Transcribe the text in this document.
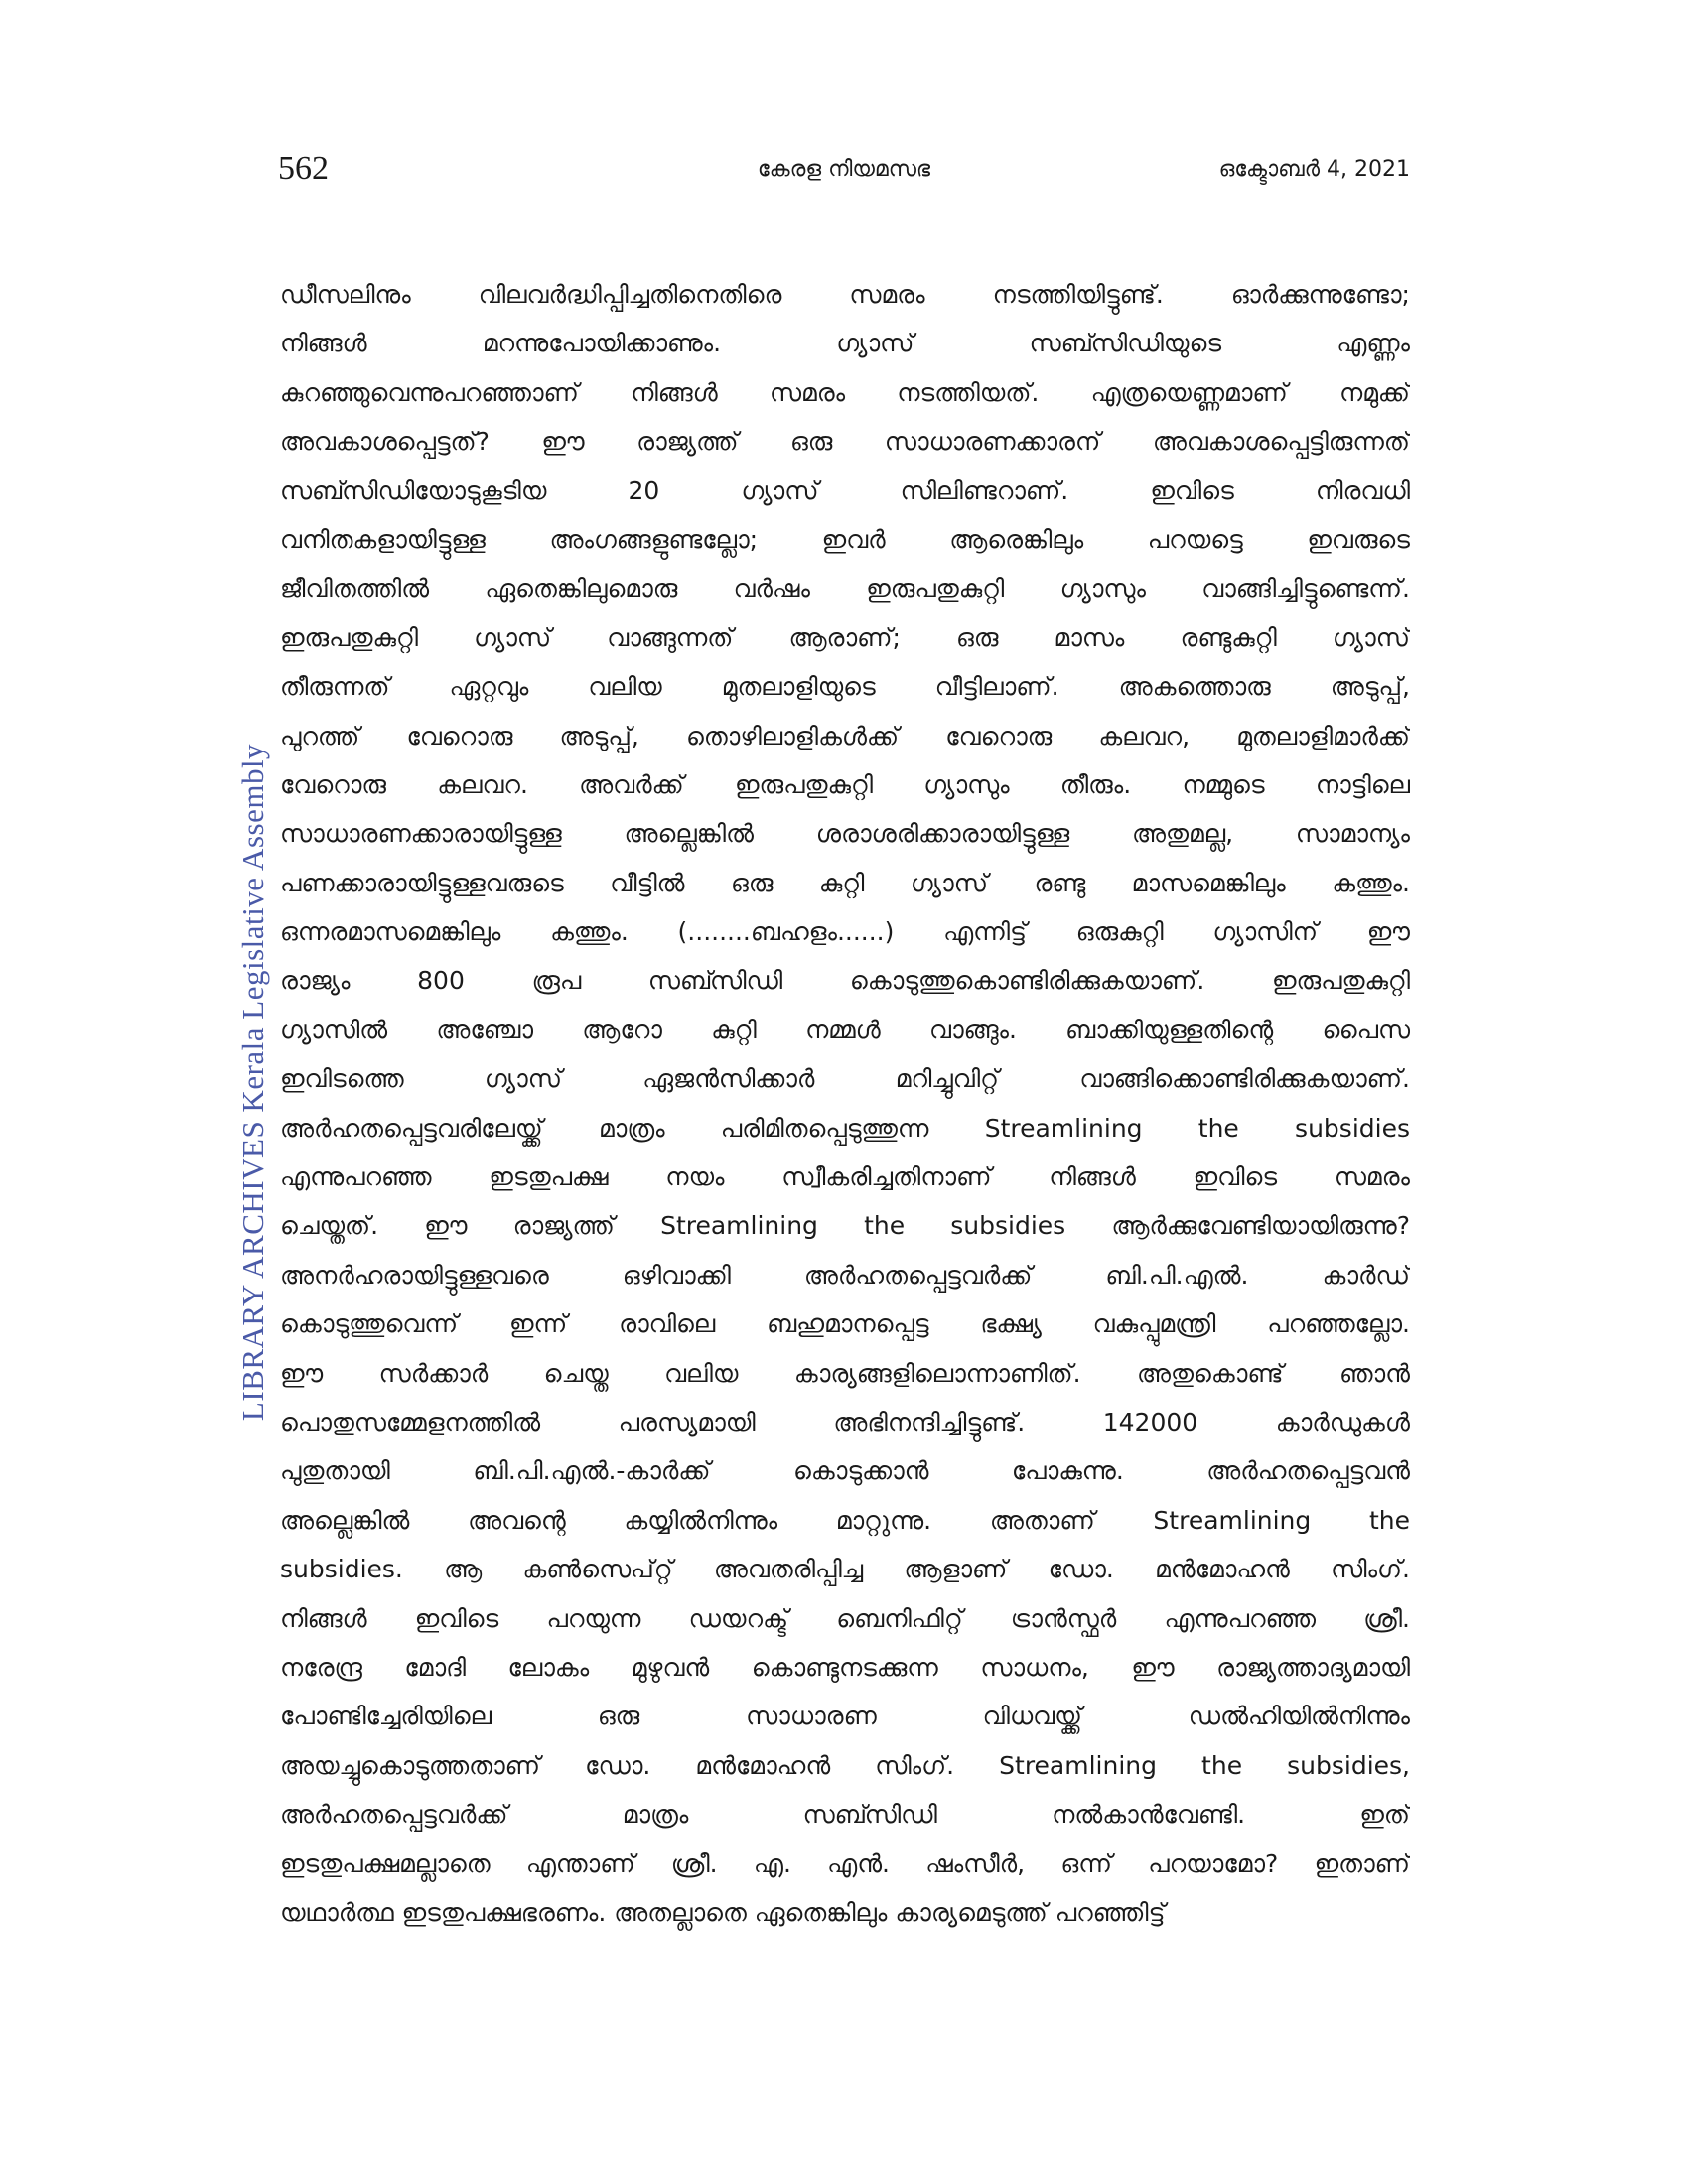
562	കേരള നിയമസഭ	ഒക്ടോബർ 4, 2021
LIBRARY ARCHIVES Kerala Legislative Assembly
ഡീസലിനും വിലവർദ്ധിപ്പിച്ചതിനെതിരെ സമരം നടത്തിയിട്ടുണ്ട്. ഓർക്കുന്നുണ്ടോ;
നിങ്ങൾ മറന്നുപോയിക്കാണും. ഗ്യാസ് സബ്സിഡിയുടെ എണ്ണം
കുറഞ്ഞുവെന്നുപറഞ്ഞാണ് നിങ്ങൾ സമരം നടത്തിയത്. എത്രയെണ്ണമാണ് നമുക്ക്
അവകാശപ്പെട്ടത്? ഈ രാജ്യത്ത് ഒരു സാധാരണക്കാരന് അവകാശപ്പെട്ടിരുന്നത്
സബ്സിഡിയോടുകൂടിയ 20 ഗ്യാസ് സിലിണ്ടറാണ്. ഇവിടെ നിരവധി
വനിതകളായിട്ടുള്ള അംഗങ്ങളുണ്ടല്ലോ; ഇവർ ആരെങ്കിലും പറയട്ടെ ഇവരുടെ
ജീവിതത്തിൽ ഏതെങ്കിലുമൊരു വർഷം ഇരുപതുകുറ്റി ഗ്യാസും വാങ്ങിച്ചിട്ടുണ്ടെന്ന്.
ഇരുപതുകുറ്റി ഗ്യാസ് വാങ്ങുന്നത് ആരാണ്; ഒരു മാസം രണ്ടുകുറ്റി ഗ്യാസ്
തീരുന്നത് ഏറ്റവും വലിയ മുതലാളിയുടെ വീട്ടിലാണ്. അകത്തൊരു അടുപ്പ്,
പുറത്ത് വേറൊരു അടുപ്പ്, തൊഴിലാളികൾക്ക് വേറൊരു കലവറ, മുതലാളിമാർക്ക്
വേറൊരു കലവറ. അവർക്ക് ഇരുപതുകുറ്റി ഗ്യാസും തീരും. നമ്മുടെ നാട്ടിലെ
സാധാരണക്കാരായിട്ടുള്ള അല്ലെങ്കിൽ ശരാശരിക്കാരായിട്ടുള്ള അതുമല്ല, സാമാന്യം
പണക്കാരായിട്ടുള്ളവരുടെ വീട്ടിൽ ഒരു കുറ്റി ഗ്യാസ് രണ്ടു മാസമെങ്കിലും കത്തും.
ഒന്നരമാസമെങ്കിലും കത്തും. (........ബഹളം......) എന്നിട്ട് ഒരുകുറ്റി ഗ്യാസിന് ഈ
രാജ്യം 800 രൂപ സബ്സിഡി കൊടുത്തുകൊണ്ടിരിക്കുകയാണ്. ഇരുപതുകുറ്റി
ഗ്യാസിൽ അഞ്ചോ ആറോ കുറ്റി നമ്മൾ വാങ്ങും. ബാക്കിയുള്ളതിന്റെ പൈസ
ഇവിടത്തെ ഗ്യാസ് ഏജൻസിക്കാർ മറിച്ചുവിറ്റ് വാങ്ങിക്കൊണ്ടിരിക്കുകയാണ്.
അർഹതപ്പെട്ടവരിലേയ്ക്ക് മാത്രം പരിമിതപ്പെടുത്തുന്ന Streamlining the subsidies
എന്നുപറഞ്ഞ ഇടതുപക്ഷ നയം സ്വീകരിച്ചതിനാണ് നിങ്ങൾ ഇവിടെ സമരം
ചെയ്തത്. ഈ രാജ്യത്ത് Streamlining the subsidies ആർക്കുവേണ്ടിയായിരുന്നു?
അനർഹരായിട്ടുള്ളവരെ ഒഴിവാക്കി അർഹതപ്പെട്ടവർക്ക് ബി.പി.എൽ. കാർഡ്
കൊടുത്തുവെന്ന് ഇന്ന് രാവിലെ ബഹുമാനപ്പെട്ട ഭക്ഷ്യ വകുപ്പുമന്ത്രി പറഞ്ഞല്ലോ.
ഈ സർക്കാർ ചെയ്ത വലിയ കാര്യങ്ങളിലൊന്നാണിത്. അതുകൊണ്ട് ഞാൻ
പൊതുസമ്മേളനത്തിൽ പരസ്യമായി അഭിനന്ദിച്ചിട്ടുണ്ട്. 142000 കാർഡുകൾ
പുതുതായി ബി.പി.എൽ.-കാർക്ക് കൊടുക്കാൻ പോകുന്നു. അർഹതപ്പെട്ടവൻ
അല്ലെങ്കിൽ അവന്റെ കയ്യിൽനിന്നും മാറ്റുന്നു. അതാണ് Streamlining the
subsidies. ആ കൺസെപ്റ്റ് അവതരിപ്പിച്ച ആളാണ് ഡോ. മൻമോഹൻ സിംഗ്.
നിങ്ങൾ ഇവിടെ പറയുന്ന ഡയറക്ട് ബെനിഫിറ്റ് ട്രാൻസ്ഫർ എന്നുപറഞ്ഞ ശ്രീ.
നരേന്ദ്ര മോദി ലോകം മുഴുവൻ കൊണ്ടുനടക്കുന്ന സാധനം, ഈ രാജ്യത്താദ്യമായി
പോണ്ടിച്ചേരിയിലെ ഒരു സാധാരണ വിധവയ്ക്ക് ഡൽഹിയിൽനിന്നും
അയച്ചുകൊടുത്തതാണ് ഡോ. മൻമോഹൻ സിംഗ്. Streamlining the subsidies,
അർഹതപ്പെട്ടവർക്ക് മാത്രം സബ്സിഡി നൽകാൻവേണ്ടി. ഇത്
ഇടതുപക്ഷമല്ലാതെ എന്താണ് ശ്രീ. എ. എൻ. ഷംസീർ, ഒന്ന് പറയാമോ? ഇതാണ്
യഥാർത്ഥ ഇടതുപക്ഷഭരണം. അതല്ലാതെ ഏതെങ്കിലും കാര്യമെടുത്ത് പറഞ്ഞിട്ട്
